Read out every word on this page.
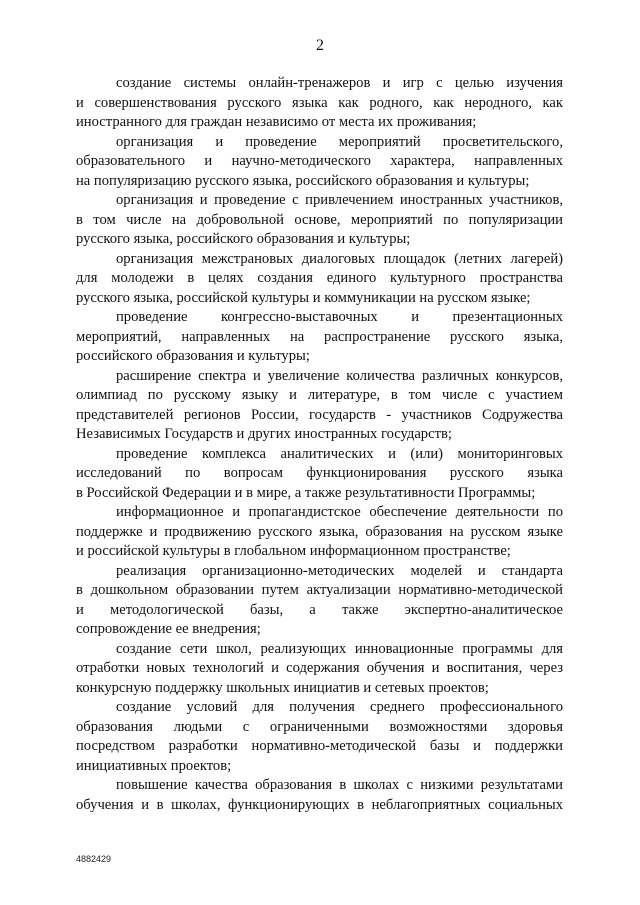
2
создание системы онлайн-тренажеров и игр с целью изучения
и совершенствования русского языка как родного, как неродного, как
иностранного для граждан независимо от места их проживания;
организация и проведение мероприятий просветительского,
образовательного и научно-методического характера, направленных
на популяризацию русского языка, российского образования и культуры;
организация и проведение с привлечением иностранных участников,
в том числе на добровольной основе, мероприятий по популяризации
русского языка, российского образования и культуры;
организация межстрановых диалоговых площадок (летних лагерей)
для молодежи в целях создания единого культурного пространства
русского языка, российской культуры и коммуникации на русском языке;
проведение конгрессно-выставочных и презентационных
мероприятий, направленных на распространение русского языка,
российского образования и культуры;
расширение спектра и увеличение количества различных конкурсов,
олимпиад по русскому языку и литературе, в том числе с участием
представителей регионов России, государств - участников Содружества
Независимых Государств и других иностранных государств;
проведение комплекса аналитических и (или) мониторинговых
исследований по вопросам функционирования русского языка
в Российской Федерации и в мире, а также результативности Программы;
информационное и пропагандистское обеспечение деятельности по
поддержке и продвижению русского языка, образования на русском языке
и российской культуры в глобальном информационном пространстве;
реализация организационно-методических моделей и стандарта
в дошкольном образовании путем актуализации нормативно-методической
и методологической базы, а также экспертно-аналитическое
сопровождение ее внедрения;
создание сети школ, реализующих инновационные программы для
отработки новых технологий и содержания обучения и воспитания, через
конкурсную поддержку школьных инициатив и сетевых проектов;
создание условий для получения среднего профессионального
образования людьми с ограниченными возможностями здоровья
посредством разработки нормативно-методической базы и поддержки
инициативных проектов;
повышение качества образования в школах с низкими результатами
обучения и в школах, функционирующих в неблагоприятных социальных
4882429
